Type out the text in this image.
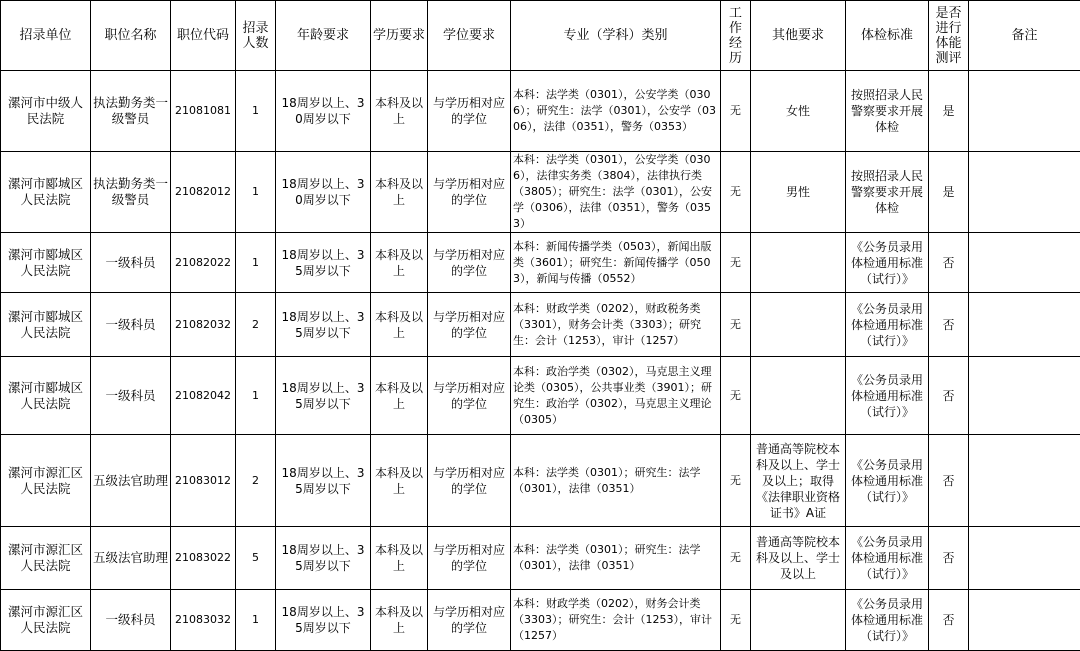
招录单位	职位名称	职位代码	招录人数	年龄要求	学历要求	学位要求	专业（学科）类别	工作经历	其他要求	体检标准	是否进行体能测评	备注
漯河市中级人民法院	执法勤务类一级警员	21081081	1	18周岁以上、30周岁以下	本科及以上	与学历相对应的学位	本科：法学类（0301），公安学类（0306）；研究生：法学（0301），公安学（0306），法律（0351），警务（0353）	无	女性	按照招录人民警察要求开展体检	是	
漯河市郾城区人民法院	执法勤务类一级警员	21082012	1	18周岁以上、30周岁以下	本科及以上	与学历相对应的学位	本科：法学类（0301），公安学类（0306），法律实务类（3804），法律执行类（3805）；研究生：法学（0301），公安学（0306），法律（0351），警务（0353）	无	男性	按照招录人民警察要求开展体检	是	
漯河市郾城区人民法院	一级科员	21082022	1	18周岁以上、35周岁以下	本科及以上	与学历相对应的学位	本科：新闻传播学类（0503），新闻出版类（3601）；研究生：新闻传播学（0503），新闻与传播（0552）	无		《公务员录用体检通用标准（试行）》	否	
漯河市郾城区人民法院	一级科员	21082032	2	18周岁以上、35周岁以下	本科及以上	与学历相对应的学位	本科：财政学类（0202），财政税务类（3301），财务会计类（3303）；研究生：会计（1253），审计（1257）	无		《公务员录用体检通用标准（试行）》	否	
漯河市郾城区人民法院	一级科员	21082042	1	18周岁以上、35周岁以下	本科及以上	与学历相对应的学位	本科：政治学类（0302），马克思主义理论类（0305），公共事业类（3901）；研究生：政治学（0302），马克思主义理论（0305）	无		《公务员录用体检通用标准（试行）》	否	
漯河市源汇区人民法院	五级法官助理	21083012	2	18周岁以上、35周岁以下	本科及以上	与学历相对应的学位	本科：法学类（0301）；研究生：法学（0301），法律（0351）	无	普通高等院校本科及以上、学士及以上；取得《法律职业资格证书》A证	《公务员录用体检通用标准（试行）》	否	
漯河市源汇区人民法院	五级法官助理	21083022	5	18周岁以上、35周岁以下	本科及以上	与学历相对应的学位	本科：法学类（0301）；研究生：法学（0301），法律（0351）	无	普通高等院校本科及以上、学士及以上	《公务员录用体检通用标准（试行）》	否	
漯河市源汇区人民法院	一级科员	21083032	1	18周岁以上、35周岁以下	本科及以上	与学历相对应的学位	本科：财政学类（0202），财务会计类（3303）；研究生：会计（1253），审计（1257）	无		《公务员录用体检通用标准（试行）》	否	
